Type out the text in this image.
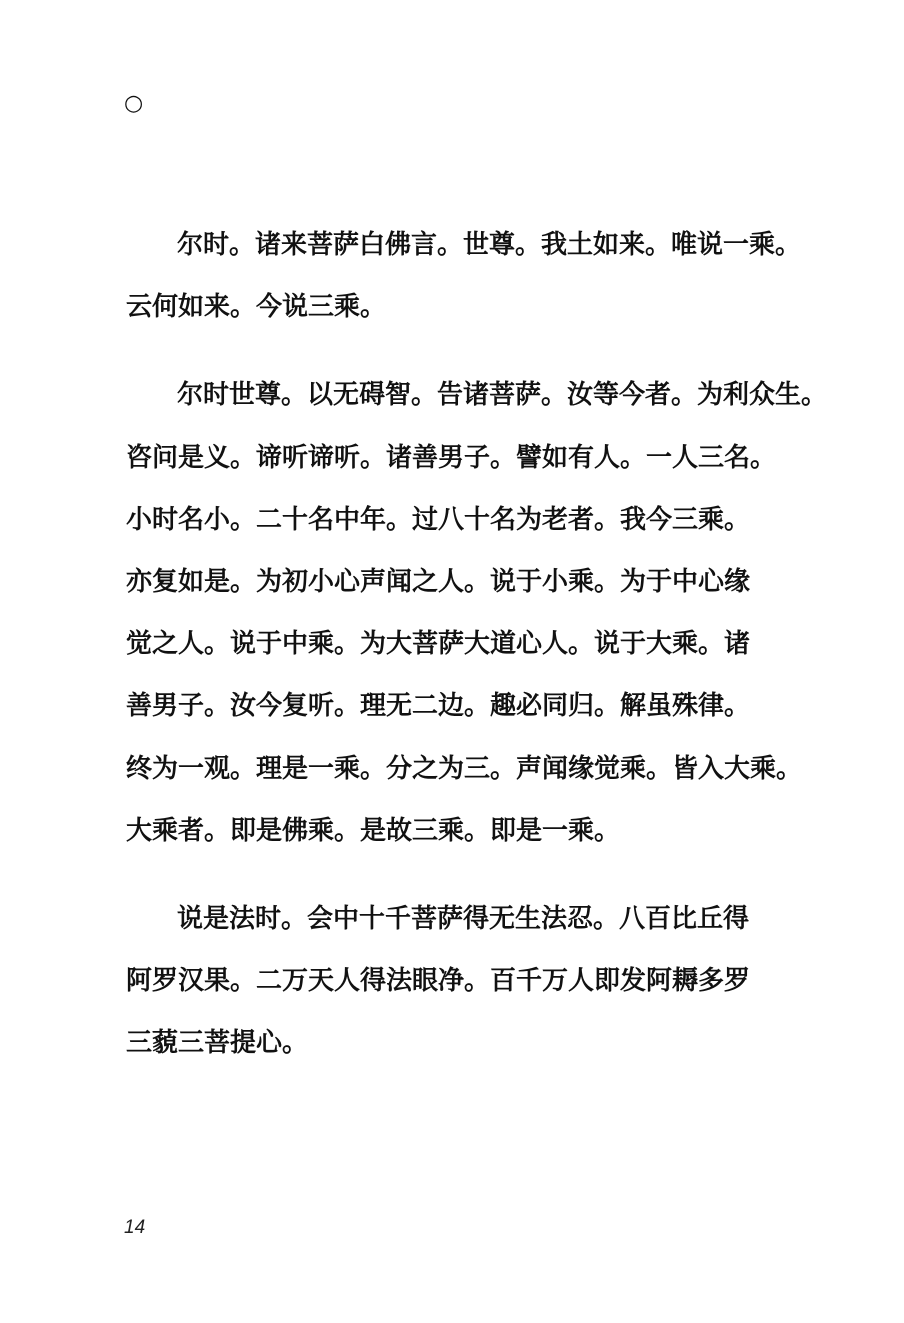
○
尔时。诸来菩萨白佛言。世尊。我土如来。唯说一乘。
云何如来。今说三乘。
尔时世尊。以无碍智。告诸菩萨。汝等今者。为利众生。
咨问是义。谛听谛听。诸善男子。譬如有人。一人三名。
小时名小。二十名中年。过八十名为老者。我今三乘。
亦复如是。为初小心声闻之人。说于小乘。为于中心缘
觉之人。说于中乘。为大菩萨大道心人。说于大乘。诸
善男子。汝今复听。理无二边。趣必同归。解虽殊律。
终为一观。理是一乘。分之为三。声闻缘觉乘。皆入大乘。
大乘者。即是佛乘。是故三乘。即是一乘。
说是法时。会中十千菩萨得无生法忍。八百比丘得
阿罗汉果。二万天人得法眼净。百千万人即发阿耨多罗
三藐三菩提心。
14
